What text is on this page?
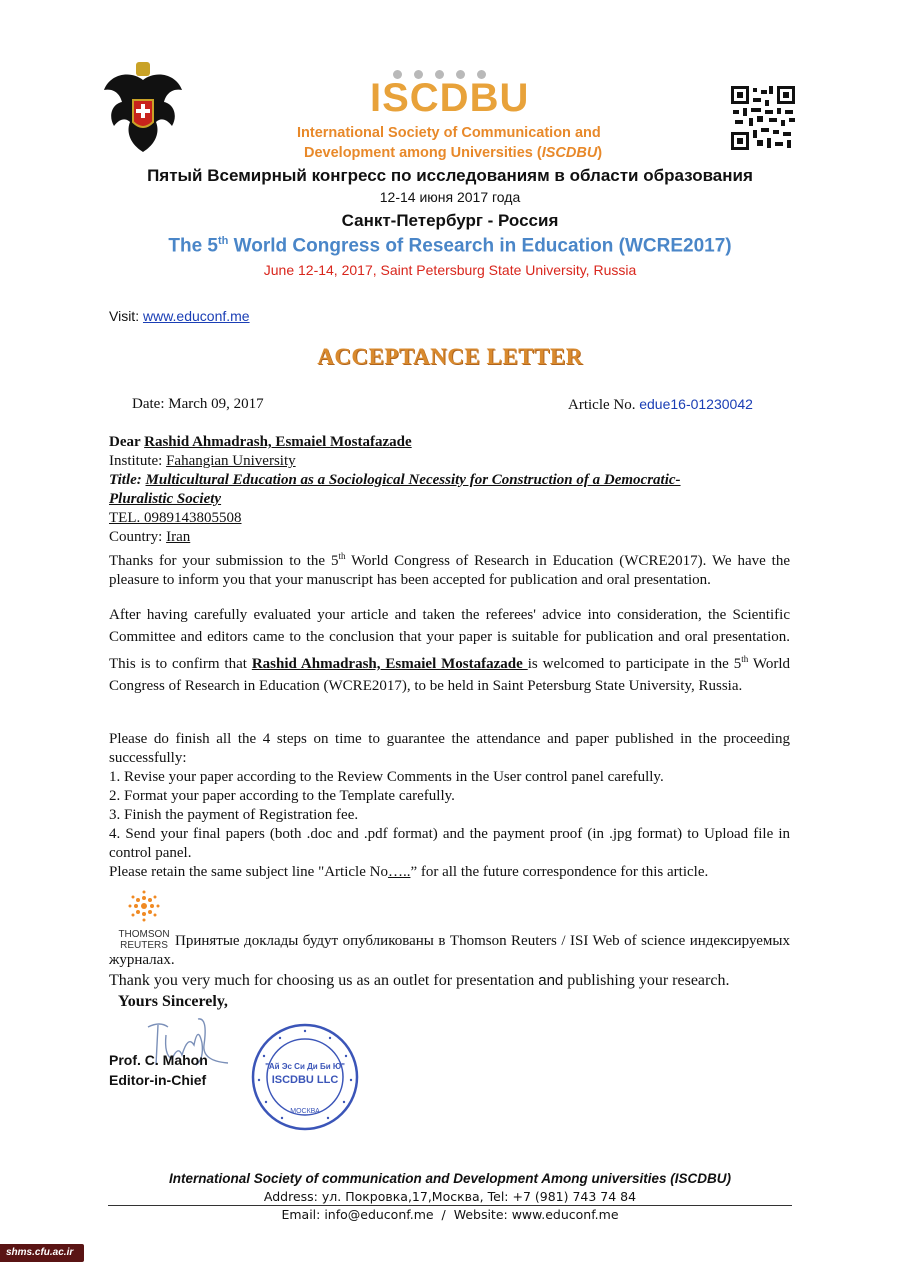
ISCDBU
International Society of Communication and
Development among Universities (ISCDBU)
Пятый Всемирный конгресс по исследованиям в области образования
12-14 июня 2017 года
Санкт-Петербург - Россия
The 5th World Congress of Research in Education (WCRE2017)
June 12-14, 2017, Saint Petersburg State University, Russia
Visit: www.educonf.me
ACCEPTANCE LETTER
Date: March 09, 2017	Article No. edue16-01230042
Dear Rashid Ahmadrash, Esmaiel Mostafazade
Institute: Fahangian University
Title: Multicultural Education as a Sociological Necessity for Construction of a Democratic-
Pluralistic Society
TEL. 0989143805508
Country: Iran
Thanks for your submission to the 5th World Congress of Research in Education (WCRE2017). We have the pleasure to inform you that your manuscript has been accepted for publication and oral presentation.
After having carefully evaluated your article and taken the referees' advice into consideration, the Scientific Committee and editors came to the conclusion that your paper is suitable for publication and oral presentation. This is to confirm that Rashid Ahmadrash, Esmaiel Mostafazade is welcomed to participate in the 5th World Congress of Research in Education (WCRE2017), to be held in Saint Petersburg State University, Russia.
Please do finish all the 4 steps on time to guarantee the attendance and paper published in the proceeding successfully:
1. Revise your paper according to the Review Comments in the User control panel carefully.
2. Format your paper according to the Template carefully.
3. Finish the payment of Registration fee.
4. Send your final papers (both .doc and .pdf format) and the payment proof (in .jpg format) to Upload file in control panel.
Please retain the same subject line "Article No…..” for all the future correspondence for this article.
THOMSON
REUTERS Принятые доклады будут опубликованы в Thomson Reuters / ISI Web of science индексируемых журналах.
Thank you very much for choosing us as an outlet for presentation and publishing your research.
Yours Sincerely,
Prof. C. Mahon
Editor-in-Chief
"Ай Эс Си Ди Би Ю"
ISCDBU LLC
МОСКВА
International Society of communication and Development Among universities (ISCDBU)
Address: ул. Покровка,17,Москва, Tel: +7 (981) 743 74 84
Email: info@educonf.me  /  Website: www.educonf.me
shms.cfu.ac.ir
